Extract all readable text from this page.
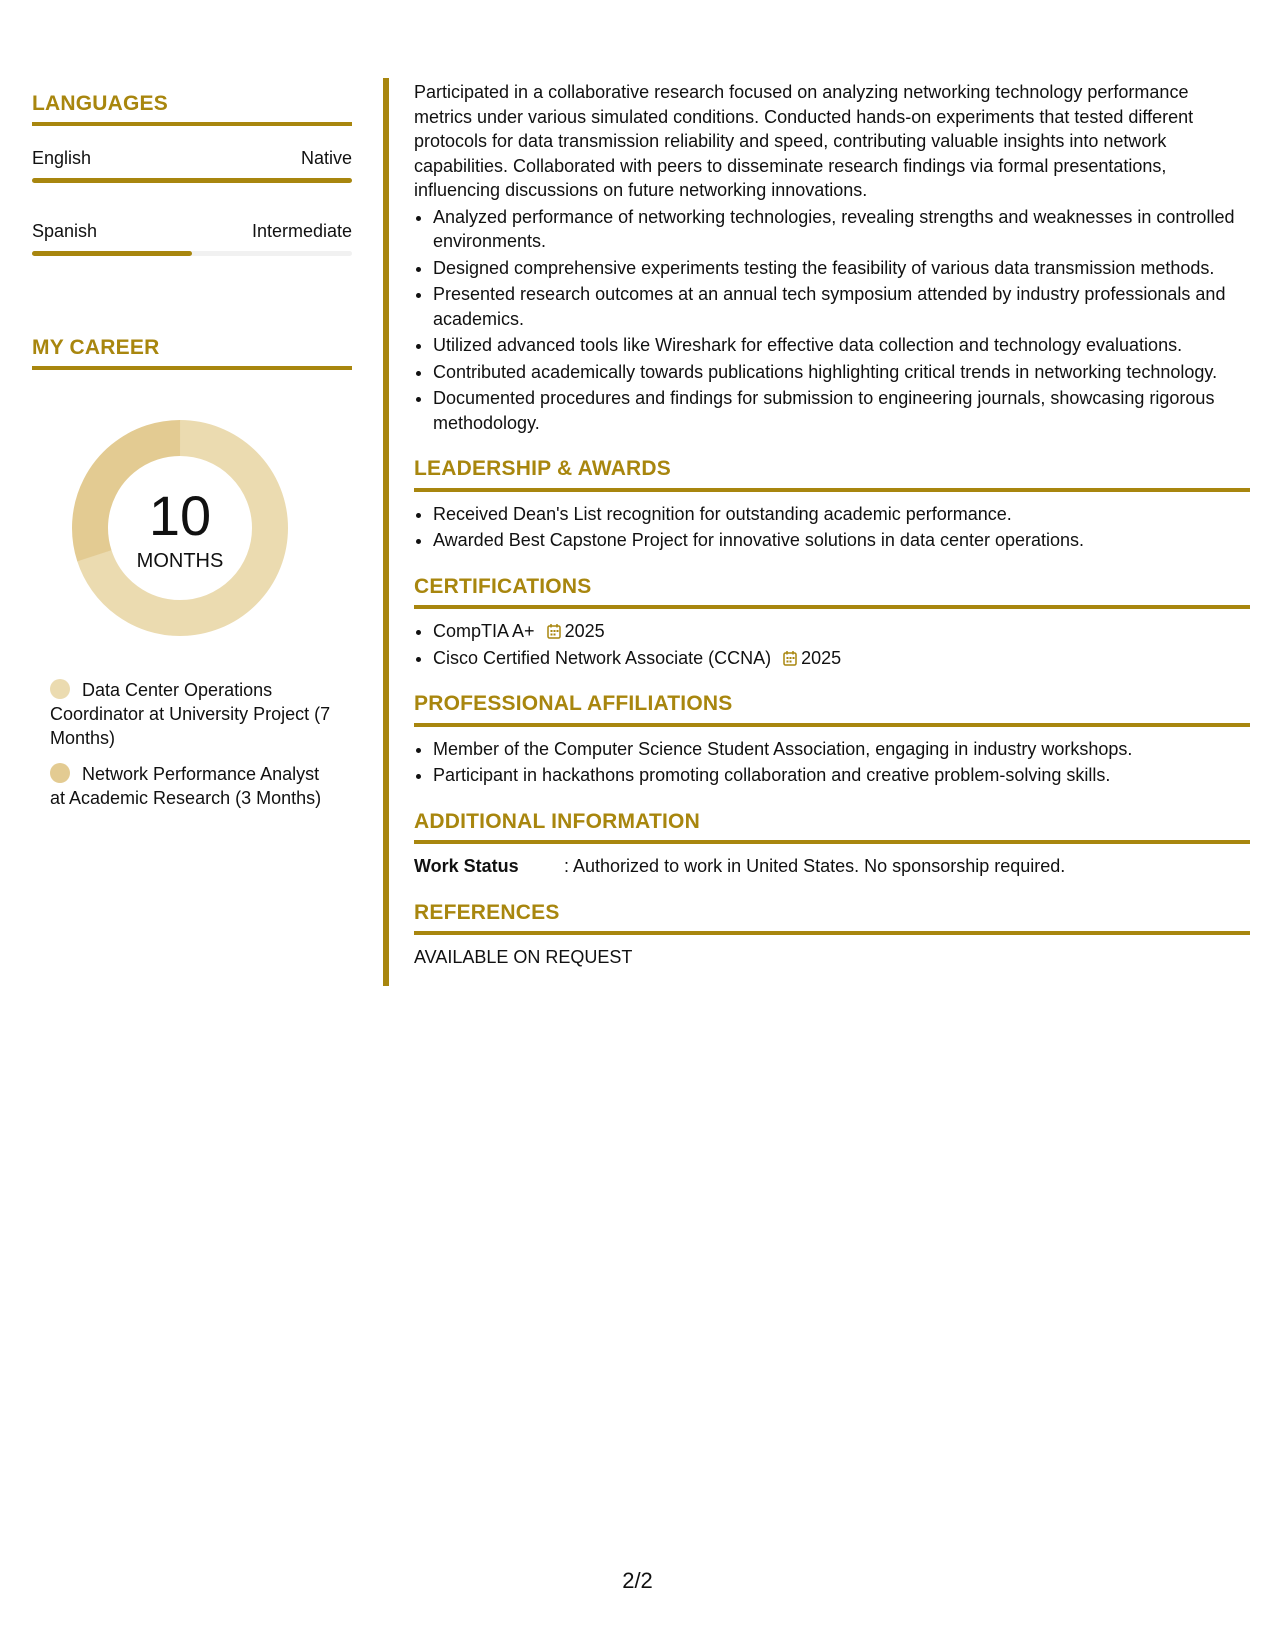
LANGUAGES
English	Native
Spanish	Intermediate
MY CAREER
10
MONTHS
Data Center Operations Coordinator at University Project (7 Months)
Network Performance Analyst at Academic Research (3 Months)

Participated in a collaborative research focused on analyzing networking technology performance metrics under various simulated conditions. Conducted hands-on experiments that tested different protocols for data transmission reliability and speed, contributing valuable insights into network capabilities. Collaborated with peers to disseminate research findings via formal presentations, influencing discussions on future networking innovations.

• Analyzed performance of networking technologies, revealing strengths and weaknesses in controlled environments.
• Designed comprehensive experiments testing the feasibility of various data transmission methods.
• Presented research outcomes at an annual tech symposium attended by industry professionals and academics.
• Utilized advanced tools like Wireshark for effective data collection and technology evaluations.
• Contributed academically towards publications highlighting critical trends in networking technology.
• Documented procedures and findings for submission to engineering journals, showcasing rigorous methodology.
LEADERSHIP & AWARDS
• Received Dean's List recognition for outstanding academic performance.
• Awarded Best Capstone Project for innovative solutions in data center operations.
CERTIFICATIONS
• CompTIA A+ 2025
• Cisco Certified Network Associate (CCNA) 2025
PROFESSIONAL AFFILIATIONS
• Member of the Computer Science Student Association, engaging in industry workshops.
• Participant in hackathons promoting collaboration and creative problem-solving skills.
ADDITIONAL INFORMATION
Work Status	: Authorized to work in United States. No sponsorship required.
REFERENCES

AVAILABLE ON REQUEST

2/2
